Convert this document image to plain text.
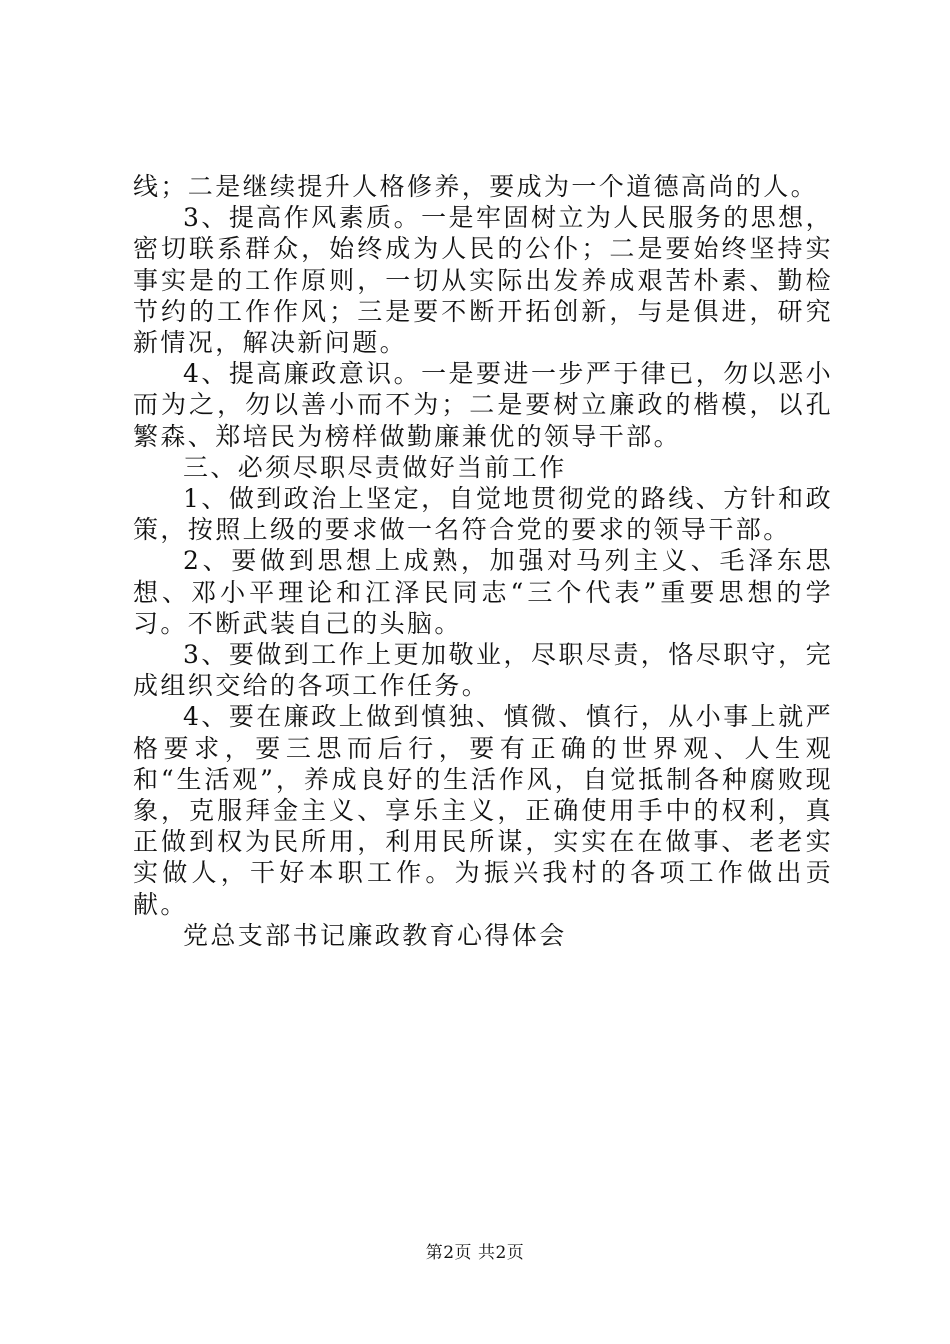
线；二是继续提升人格修养，要成为一个道德高尚的人。

3、提高作风素质。一是牢固树立为人民服务的思想，密切联系群众，始终成为人民的公仆；二是要始终坚持实事实是的工作原则，一切从实际出发养成艰苦朴素、勤检节约的工作作风；三是要不断开拓创新，与是俱进，研究新情况，解决新问题。

4、提高廉政意识。一是要进一步严于律已，勿以恶小而为之，勿以善小而不为；二是要树立廉政的楷模，以孔繁森、郑培民为榜样做勤廉兼优的领导干部。

三、必须尽职尽责做好当前工作

1、做到政治上坚定，自觉地贯彻党的路线、方针和政策，按照上级的要求做一名符合党的要求的领导干部。

2、要做到思想上成熟，加强对马列主义、毛泽东思想、邓小平理论和江泽民同志“三个代表”重要思想的学习。不断武装自己的头脑。

3、要做到工作上更加敬业，尽职尽责，恪尽职守，完成组织交给的各项工作任务。

4、要在廉政上做到慎独、慎微、慎行，从小事上就严格要求，要三思而后行，要有正确的世界观、人生观和“生活观”，养成良好的生活作风，自觉抵制各种腐败现象，克服拜金主义、享乐主义，正确使用手中的权利，真正做到权为民所用，利用民所谋，实实在在做事、老老实实做人，干好本职工作。为振兴我村的各项工作做出贡献。

党总支部书记廉政教育心得体会

第2页 共2页
